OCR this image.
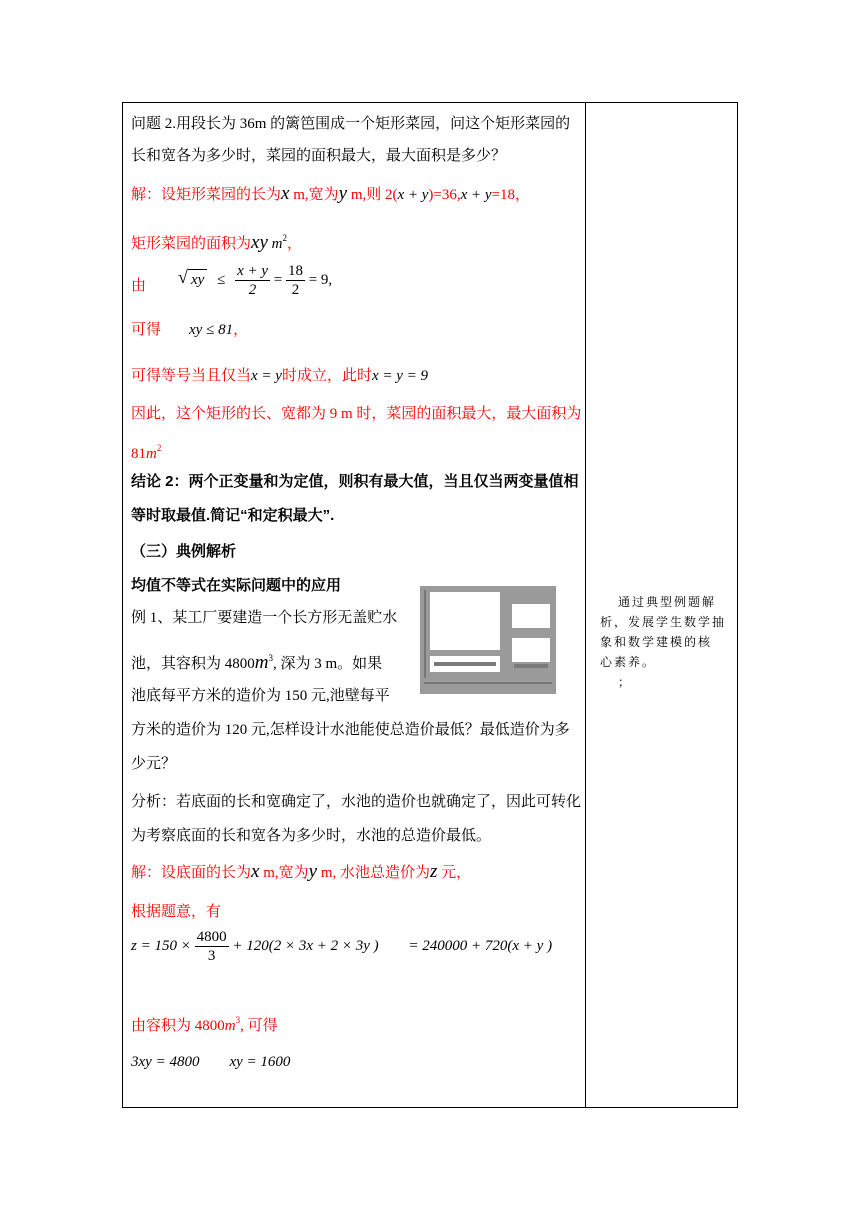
问题 2.用段长为 36m 的篱笆围成一个矩形菜园，问这个矩形菜园的
长和宽各为多少时，菜园的面积最大，最大面积是多少？
解：设矩形菜园的长为x m,宽为y m,则 2(x + y)=36,x + y=18，
矩形菜园的面积为xy $m^2$，
由
√	xy ≤ $\frac{x + y}{2} = \frac{18}{2} = 9$,
可得 xy ≤ 81，
可得等号当且仅当x = y时成立，此时x = y = 9
因此，这个矩形的长、宽都为 9 m 时，菜园的面积最大，最大面积为
$81m^2$
结论 2：两个正变量和为定值，则积有最大值，当且仅当两变量值相
等时取最值.简记“和定积最大”.
（三）典例解析
均值不等式在实际问题中的应用
例 1、某工厂要建造一个长方形无盖贮水
池，其容积为 $4800m^3$, 深为 3 m。如果
池底每平方米的造价为 150 元,池壁每平
方米的造价为 120 元,怎样设计水池能使总造价最低？最低造价为多
少元？
分析：若底面的长和宽确定了，水池的造价也就确定了，因此可转化
为考察底面的长和宽各为多少时，水池的总造价最低。
解：设底面的长为x m,宽为y m, 水池总造价为z 元，
根据题意，有
$z = 150 \times \frac{4800}{3} + 120(2 \times 3x + 2 \times 3y$ ) = 240000 + 720(x + y )
由容积为 $4800m^3$, 可得
3xy = 4800 xy = 1600
通过典型例题解
析，发展学生数学抽
象和数学建模的核
心素养。
；
